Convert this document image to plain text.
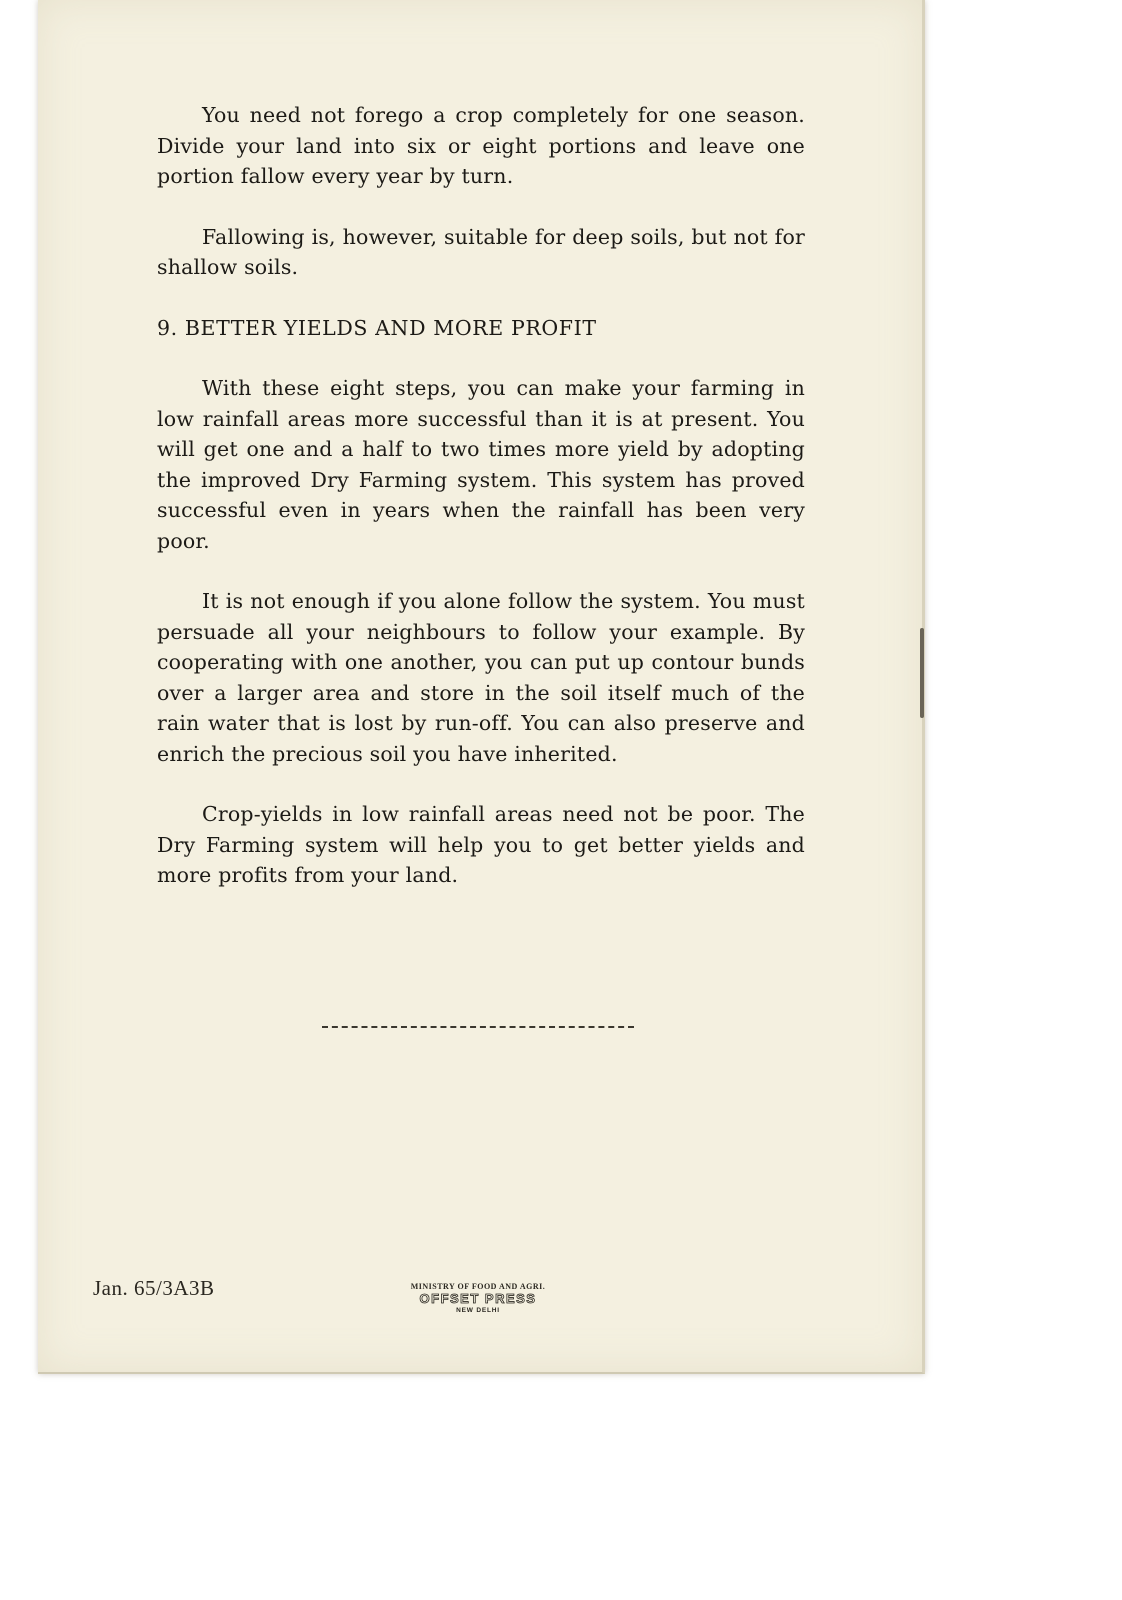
You need not forego a crop completely for one season. Divide your land into six or eight portions and leave one portion fallow every year by turn.

Fallowing is, however, suitable for deep soils, but not for shallow soils.

9. BETTER YIELDS AND MORE PROFIT

With these eight steps, you can make your farming in low rainfall areas more successful than it is at present. You will get one and a half to two times more yield by adopting the improved Dry Farming system. This system has proved successful even in years when the rainfall has been very poor.

It is not enough if you alone follow the system. You must persuade all your neighbours to follow your example. By cooperating with one another, you can put up contour bunds over a larger area and store in the soil itself much of the rain water that is lost by run-off. You can also preserve and enrich the precious soil you have inherited.

Crop-yields in low rainfall areas need not be poor. The Dry Farming system will help you to get better yields and more profits from your land.

Jan. 65/3A3B	MINISTRY OF FOOD AND AGRI.
OFFSET PRESS
NEW DELHI
